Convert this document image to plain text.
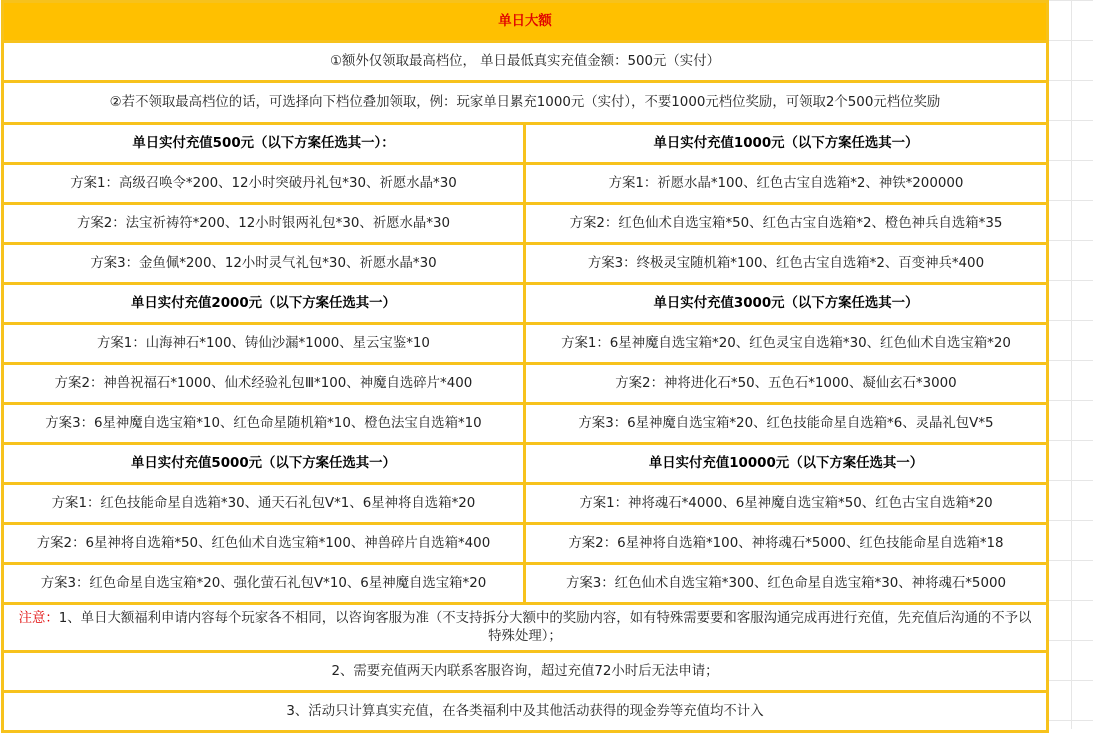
单日大额	
①额外仅领取最高档位， 单日最低真实充值金额：500元（实付）	
②若不领取最高档位的话，可选择向下档位叠加领取，例：玩家单日累充1000元（实付），不要1000元档位奖励，可领取2个500元档位奖励	
单日实付充值500元（以下方案任选其一）：	单日实付充值1000元（以下方案任选其一）
方案1：高级召唤令*200、12小时突破丹礼包*30、祈愿水晶*30	方案1：祈愿水晶*100、红色古宝自选箱*2、神铁*200000
方案2：法宝祈祷符*200、12小时银两礼包*30、祈愿水晶*30	方案2：红色仙术自选宝箱*50、红色古宝自选箱*2、橙色神兵自选箱*35
方案3：金鱼佩*200、12小时灵气礼包*30、祈愿水晶*30	方案3：终极灵宝随机箱*100、红色古宝自选箱*2、百变神兵*400
单日实付充值2000元（以下方案任选其一）	单日实付充值3000元（以下方案任选其一）
方案1：山海神石*100、铸仙沙漏*1000、星云宝鉴*10	方案1：6星神魔自选宝箱*20、红色灵宝自选箱*30、红色仙术自选宝箱*20
方案2：神兽祝福石*1000、仙术经验礼包Ⅲ*100、神魔自选碎片*400	方案2：神将进化石*50、五色石*1000、凝仙玄石*3000
方案3：6星神魔自选宝箱*10、红色命星随机箱*10、橙色法宝自选箱*10	方案3：6星神魔自选宝箱*20、红色技能命星自选箱*6、灵晶礼包V*5
单日实付充值5000元（以下方案任选其一）	单日实付充值10000元（以下方案任选其一）
方案1：红色技能命星自选箱*30、通天石礼包V*1、6星神将自选箱*20	方案1：神将魂石*4000、6星神魔自选宝箱*50、红色古宝自选箱*20
方案2：6星神将自选箱*50、红色仙术自选宝箱*100、神兽碎片自选箱*400	方案2：6星神将自选箱*100、神将魂石*5000、红色技能命星自选箱*18
方案3：红色命星自选宝箱*20、强化萤石礼包V*10、6星神魔自选宝箱*20	方案3：红色仙术自选宝箱*300、红色命星自选宝箱*30、神将魂石*5000
注意：1、单日大额福利申请内容每个玩家各不相同，以咨询客服为准（不支持拆分大额中的奖励内容，如有特殊需要要和客服沟通完成再进行充值，先充值后沟通的不予以特殊处理）；	
2、需要充值两天内联系客服咨询，超过充值72小时后无法申请；	
3、活动只计算真实充值，在各类福利中及其他活动获得的现金券等充值均不计入	
